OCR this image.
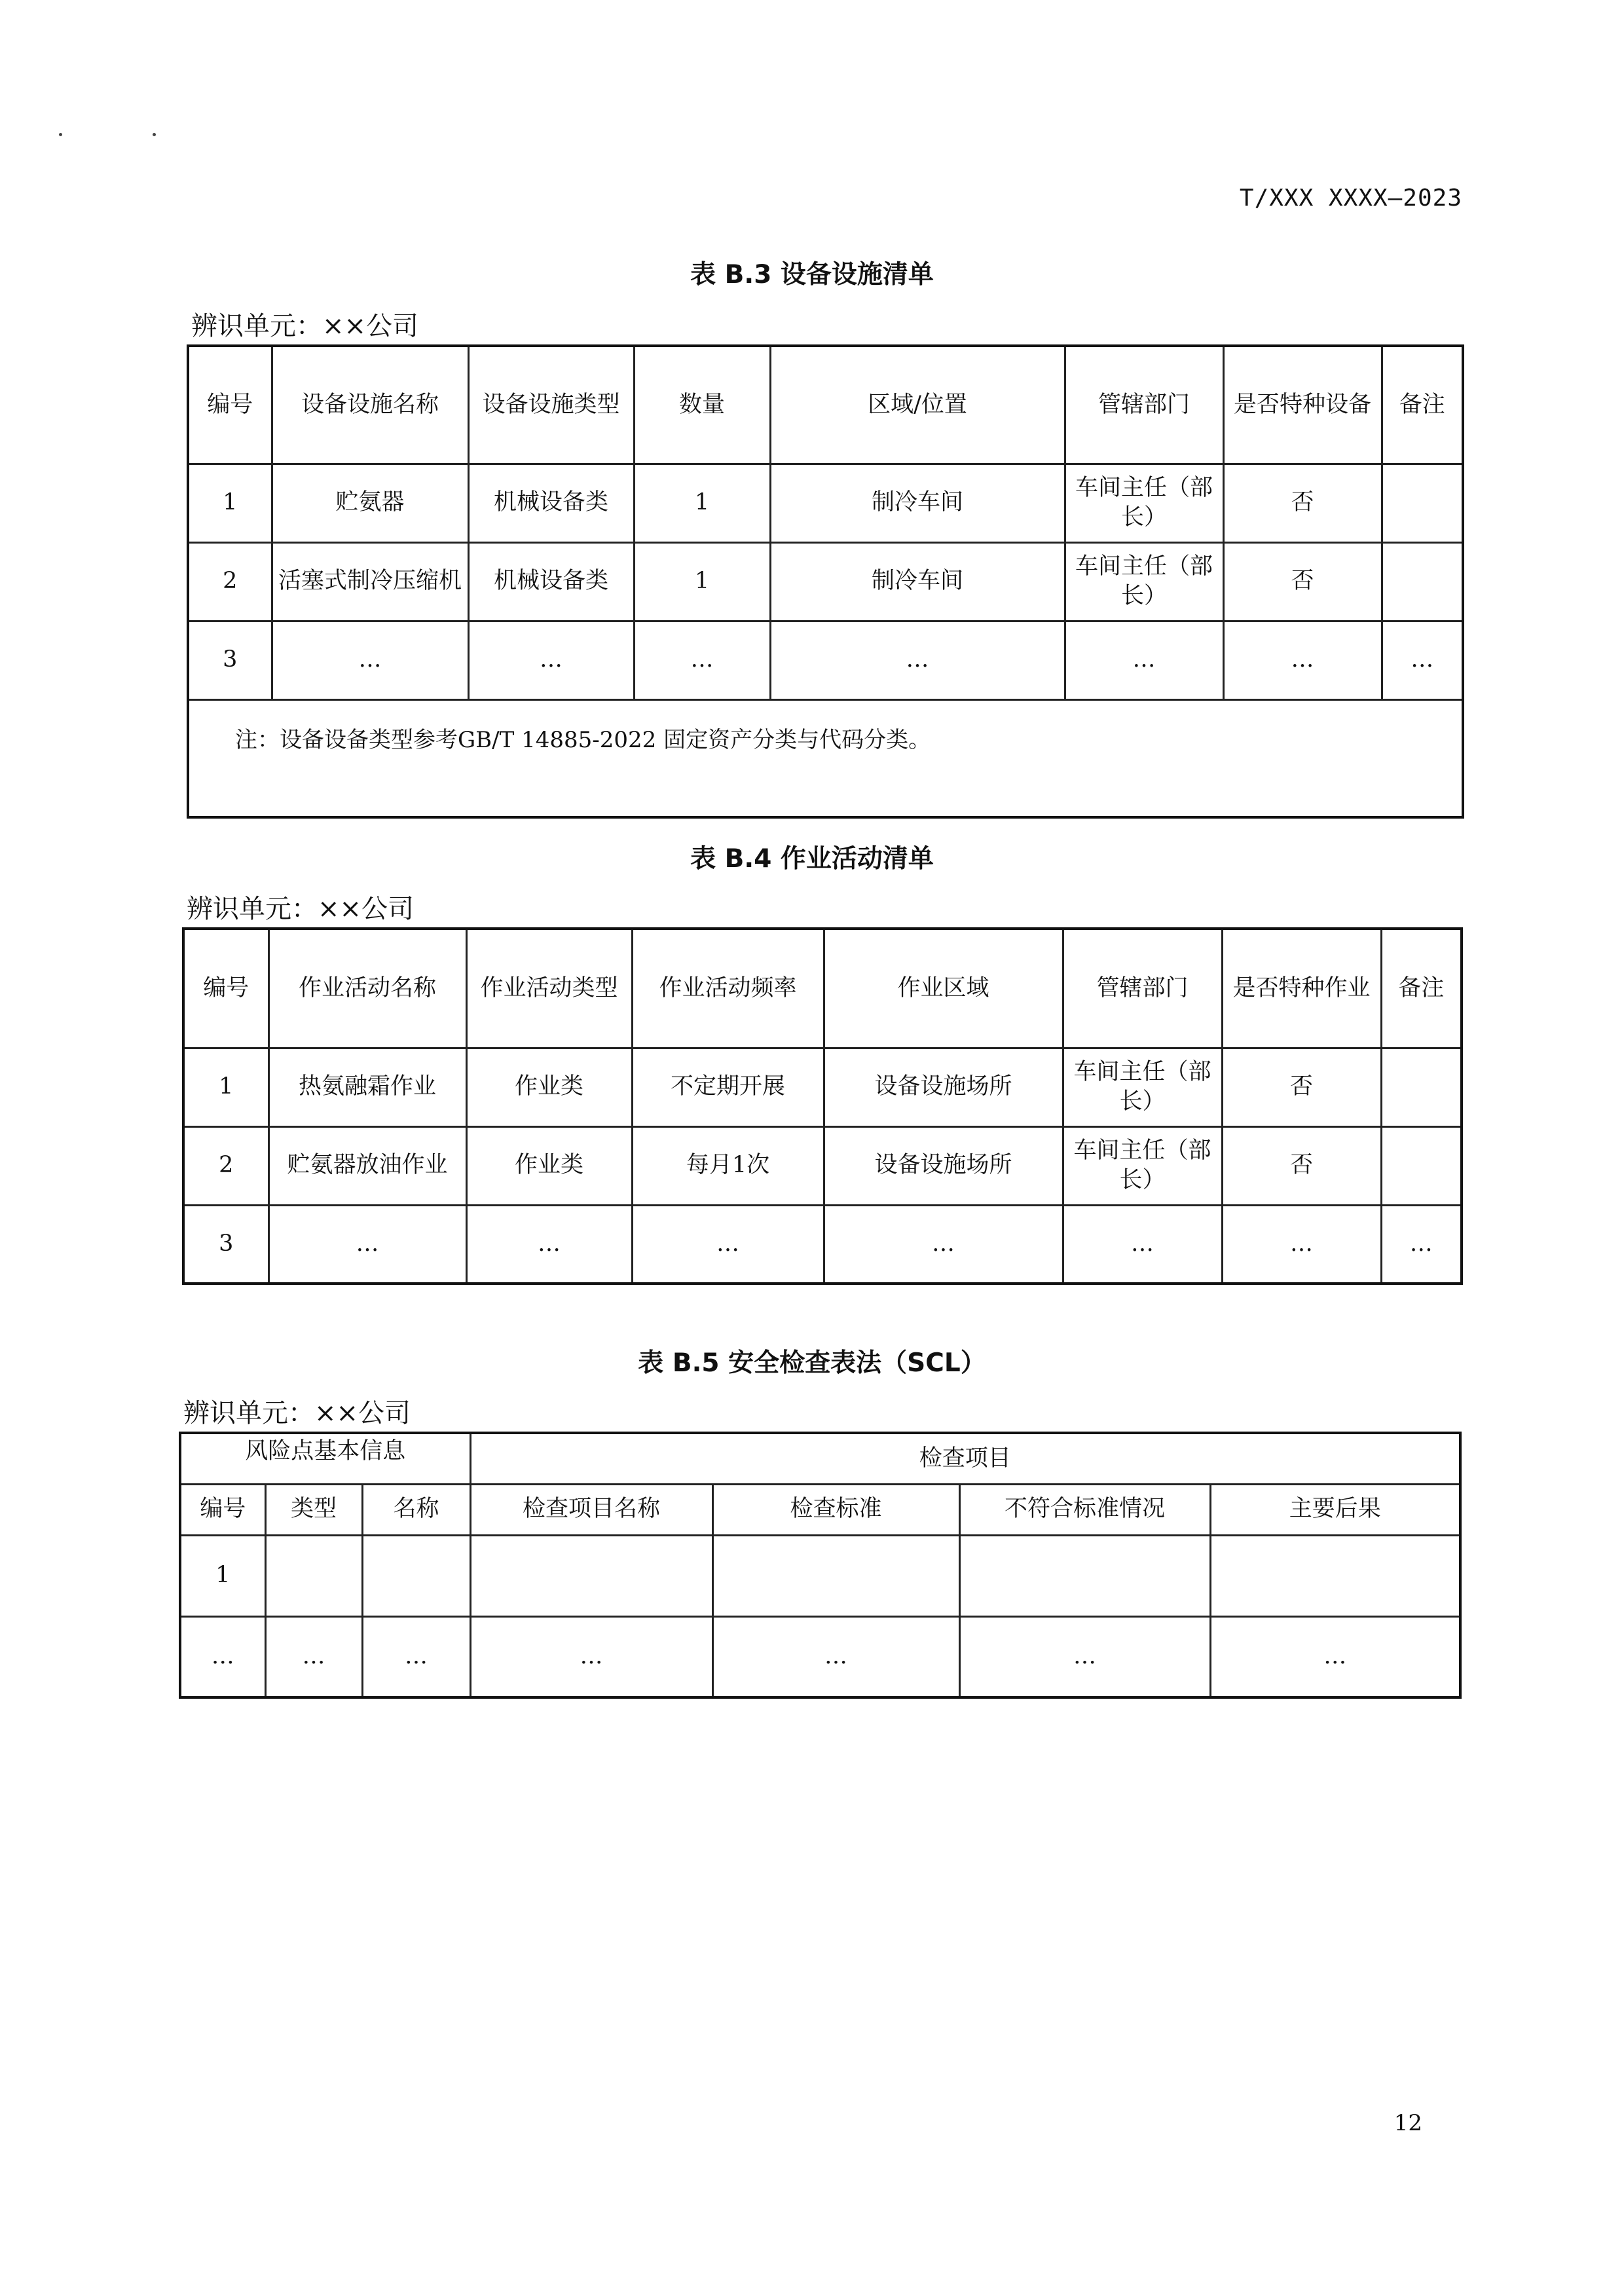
T/XXX XXXX—2023
表 B.3 设备设施清单
辨识单元：××公司
编号	设备设施名称	设备设施类型	数量	区域/位置	管辖部门	是否特种设备	备注
1	贮氨器	机械设备类	1	制冷车间	车间主任（部长）	否	
2	活塞式制冷压缩机	机械设备类	1	制冷车间	车间主任（部长）	否	
3	…	…	…	…	…	…	…
注：设备设备类型参考GB/T 14885-2022 固定资产分类与代码分类。							
表 B.4 作业活动清单
辨识单元：××公司
编号	作业活动名称	作业活动类型	作业活动频率	作业区域	管辖部门	是否特种作业	备注
1	热氨融霜作业	作业类	不定期开展	设备设施场所	车间主任（部长）	否	
2	贮氨器放油作业	作业类	每月1次	设备设施场所	车间主任（部长）	否	
3	…	…	…	…	…	…	…
表 B.5 安全检查表法（SCL）
辨识单元：××公司
风险点基本信息			检查项目			
编号	类型	名称	检查项目名称	检查标准	不符合标准情况	主要后果
1						
…	…	…	…	…	…	…
12
